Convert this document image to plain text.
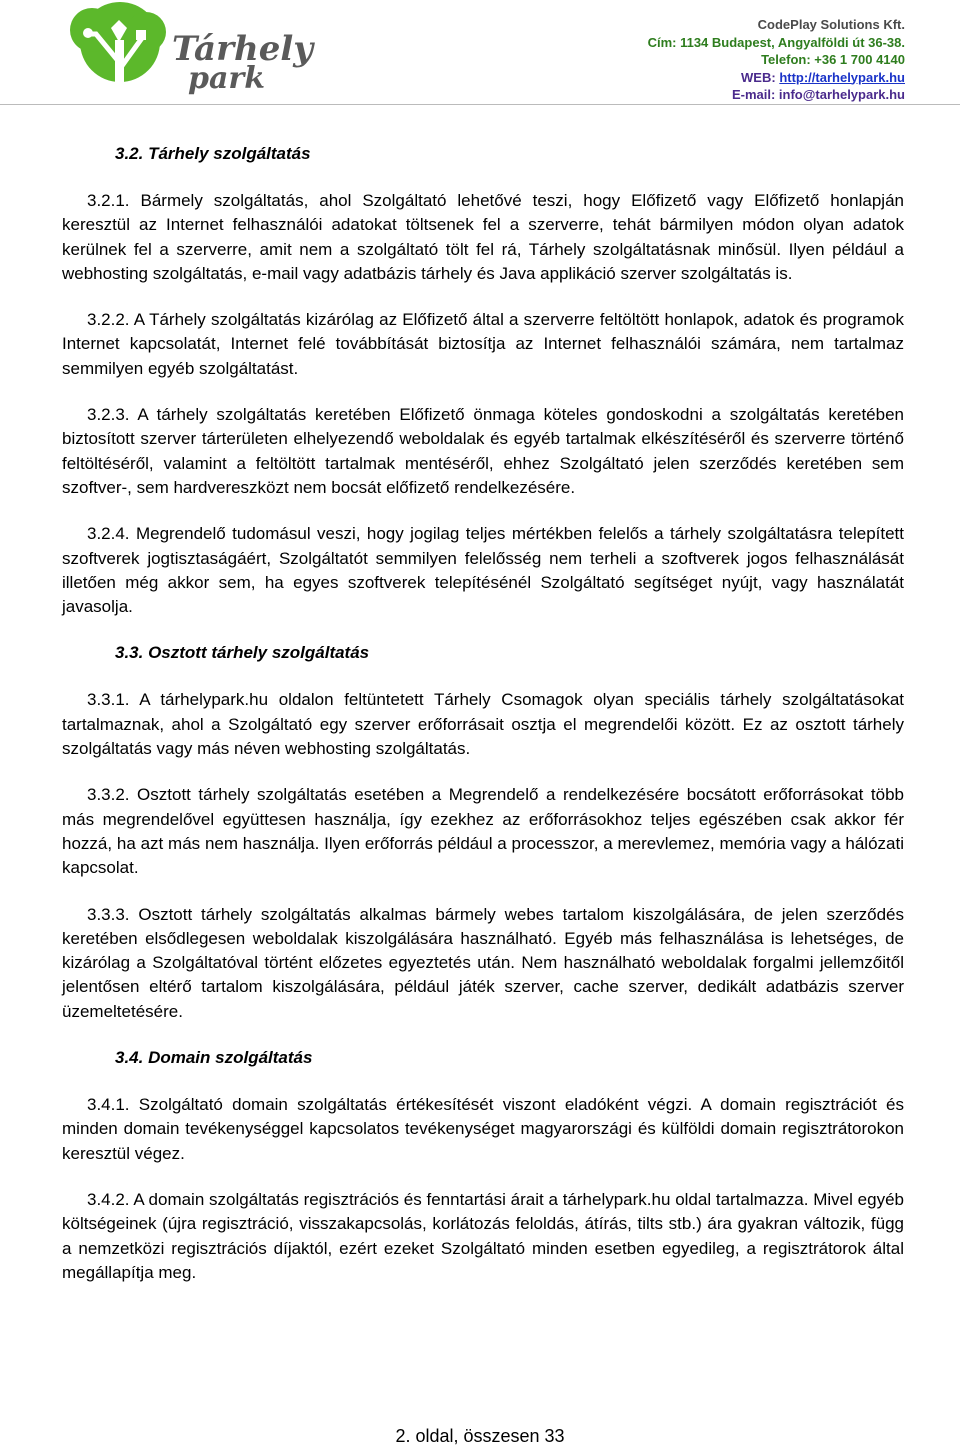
Tárhely
park
CodePlay Solutions Kft.
Cím: 1134 Budapest, Angyalföldi út 36-38.
Telefon: +36 1 700 4140
WEB: http://tarhelypark.hu
E-mail: info@tarhelypark.hu
3.2. Tárhely szolgáltatás

3.2.1. Bármely szolgáltatás, ahol Szolgáltató lehetővé teszi, hogy Előfizető vagy Előfizető honlapján keresztül az Internet felhasználói adatokat töltsenek fel a szerverre, tehát bármilyen módon olyan adatok kerülnek fel a szerverre, amit nem a szolgáltató tölt fel rá, Tárhely szolgáltatásnak minősül. Ilyen például a webhosting szolgáltatás, e-mail vagy adatbázis tárhely és Java applikáció szerver szolgáltatás is.

3.2.2. A Tárhely szolgáltatás kizárólag az Előfizető által a szerverre feltöltött honlapok, adatok és programok Internet kapcsolatát, Internet felé továbbítását biztosítja az Internet felhasználói számára, nem tartalmaz semmilyen egyéb szolgáltatást.

3.2.3. A tárhely szolgáltatás keretében Előfizető önmaga köteles gondoskodni a szolgáltatás keretében biztosított szerver tárterületen elhelyezendő weboldalak és egyéb tartalmak elkészítéséről és szerverre történő feltöltéséről, valamint a feltöltött tartalmak mentéséről, ehhez Szolgáltató jelen szerződés keretében sem szoftver-, sem hardvereszközt nem bocsát előfizető rendelkezésére.

3.2.4. Megrendelő tudomásul veszi, hogy jogilag teljes mértékben felelős a tárhely szolgáltatásra telepített szoftverek jogtisztaságáért, Szolgáltatót semmilyen felelősség nem terheli a szoftverek jogos felhasználását illetően még akkor sem, ha egyes szoftverek telepítésénél Szolgáltató segítséget nyújt, vagy használatát javasolja.

3.3. Osztott tárhely szolgáltatás

3.3.1. A tárhelypark.hu oldalon feltüntetett Tárhely Csomagok olyan speciális tárhely szolgáltatásokat tartalmaznak, ahol a Szolgáltató egy szerver erőforrásait osztja el megrendelői között. Ez az osztott tárhely szolgáltatás vagy más néven webhosting szolgáltatás.

3.3.2. Osztott tárhely szolgáltatás esetében a Megrendelő a rendelkezésére bocsátott erőforrásokat több más megrendelővel együttesen használja, így ezekhez az erőforrásokhoz teljes egészében csak akkor fér hozzá, ha azt más nem használja. Ilyen erőforrás például a processzor, a merevlemez, memória vagy a hálózati kapcsolat.

3.3.3. Osztott tárhely szolgáltatás alkalmas bármely webes tartalom kiszolgálására, de jelen szerződés keretében elsődlegesen weboldalak kiszolgálására használható. Egyéb más felhasználása is lehetséges, de kizárólag a Szolgáltatóval történt előzetes egyeztetés után. Nem használható weboldalak forgalmi jellemzőitől jelentősen eltérő tartalom kiszolgálására, például játék szerver, cache szerver, dedikált adatbázis szerver üzemeltetésére.

3.4. Domain szolgáltatás

3.4.1. Szolgáltató domain szolgáltatás értékesítését viszont eladóként végzi. A domain regisztrációt és minden domain tevékenységgel kapcsolatos tevékenységet magyarországi és külföldi domain regisztrátorokon keresztül végez.

3.4.2. A domain szolgáltatás regisztrációs és fenntartási árait a tárhelypark.hu oldal tartalmazza. Mivel egyéb költségeinek (újra regisztráció, visszakapcsolás, korlátozás feloldás, átírás, tilts stb.) ára gyakran változik, függ a nemzetközi regisztrációs díjaktól, ezért ezeket Szolgáltató minden esetben egyedileg, a regisztrátorok által megállapítja meg.

2. oldal, összesen 33
